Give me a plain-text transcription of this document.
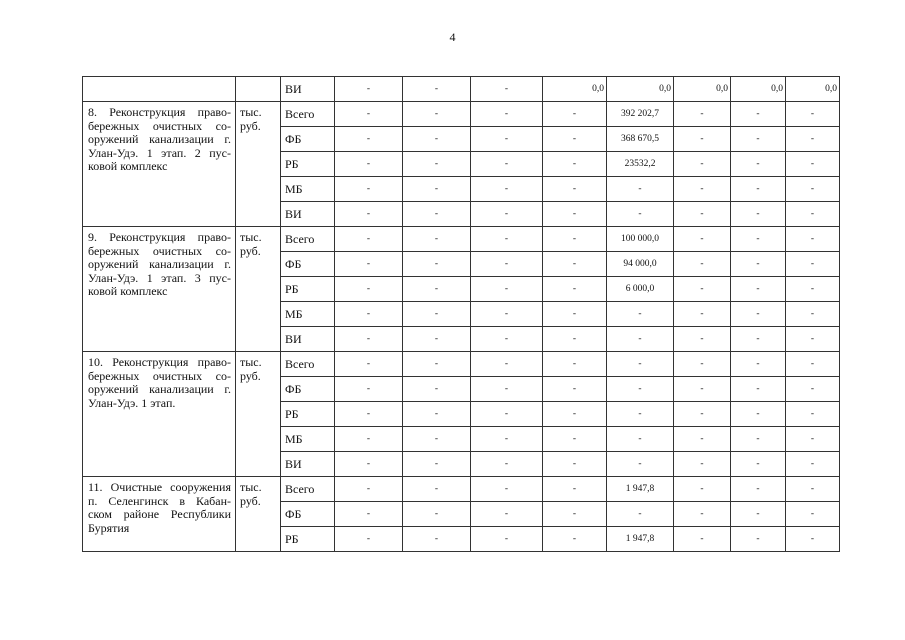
4
		ВИ	-	-	-	0,0	0,0	0,0	0,0	0,0
8. Реконструкция право-бережных очистных со-оружений канализации г. Улан-Удэ. 1 этап. 2 пус-ковой комплекс	тыс. руб.	Всего	-	-	-	-	392 202,7	-	-	-
		ФБ	-	-	-	-	368 670,5	-	-	-
		РБ	-	-	-	-	23532,2	-	-	-
		МБ	-	-	-	-	-	-	-	-
		ВИ	-	-	-	-	-	-	-	-
9. Реконструкция право-бережных очистных со-оружений канализации г. Улан-Удэ. 1 этап. 3 пус-ковой комплекс	тыс. руб.	Всего	-	-	-	-	100 000,0	-	-	-
		ФБ	-	-	-	-	94 000,0	-	-	-
		РБ	-	-	-	-	6 000,0	-	-	-
		МБ	-	-	-	-	-	-	-	-
		ВИ	-	-	-	-	-	-	-	-
10. Реконструкция право-бережных очистных со-оружений канализации г. Улан-Удэ. 1 этап.	тыс. руб.	Всего	-	-	-	-	-	-	-	-
		ФБ	-	-	-	-	-	-	-	-
		РБ	-	-	-	-	-	-	-	-
		МБ	-	-	-	-	-	-	-	-
		ВИ	-	-	-	-	-	-	-	-
11. Очистные сооружения п. Селенгинск в Кабан-ском районе Республики Бурятия	тыс. руб.	Всего	-	-	-	-	1 947,8	-	-	-
		ФБ	-	-	-	-	-	-	-	-
		РБ	-	-	-	-	1 947,8	-	-	-
